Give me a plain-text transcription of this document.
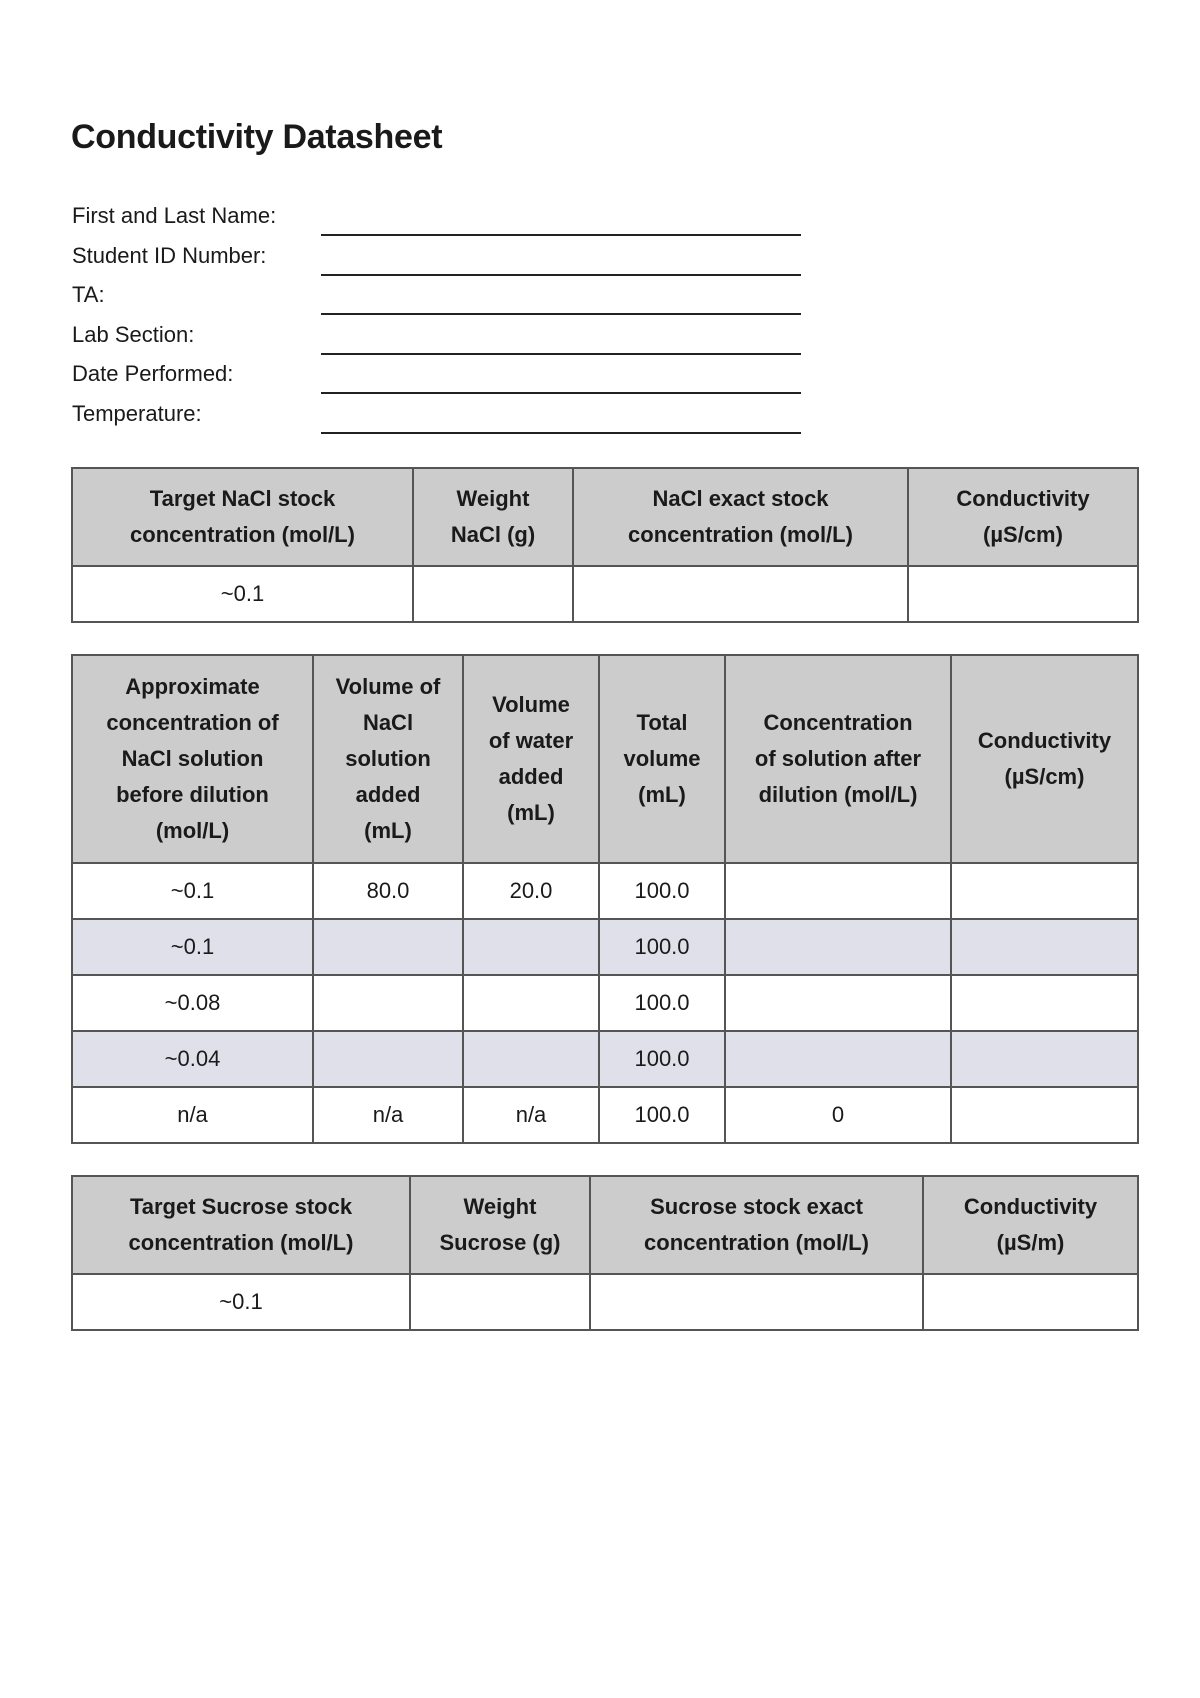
Conductivity Datasheet
First and Last Name:
Student ID Number:
TA:
Lab Section:
Date Performed:
Temperature:
Target NaCl stock
concentration (mol/L)	Weight
NaCl (g)	NaCl exact stock
concentration (mol/L)	Conductivity
(µS/cm)
~0.1			
Approximate
concentration of
NaCl solution
before dilution
(mol/L)	Volume of
NaCl
solution
added
(mL)	Volume
of water
added
(mL)	Total
volume
(mL)	Concentration
of solution after
dilution (mol/L)	Conductivity
(µS/cm)
~0.1	80.0	20.0	100.0		
~0.1			100.0		
~0.08			100.0		
~0.04			100.0		
n/a	n/a	n/a	100.0	0	
Target Sucrose stock
concentration (mol/L)	Weight
Sucrose (g)	Sucrose stock exact
concentration (mol/L)	Conductivity
(µS/m)
~0.1			
